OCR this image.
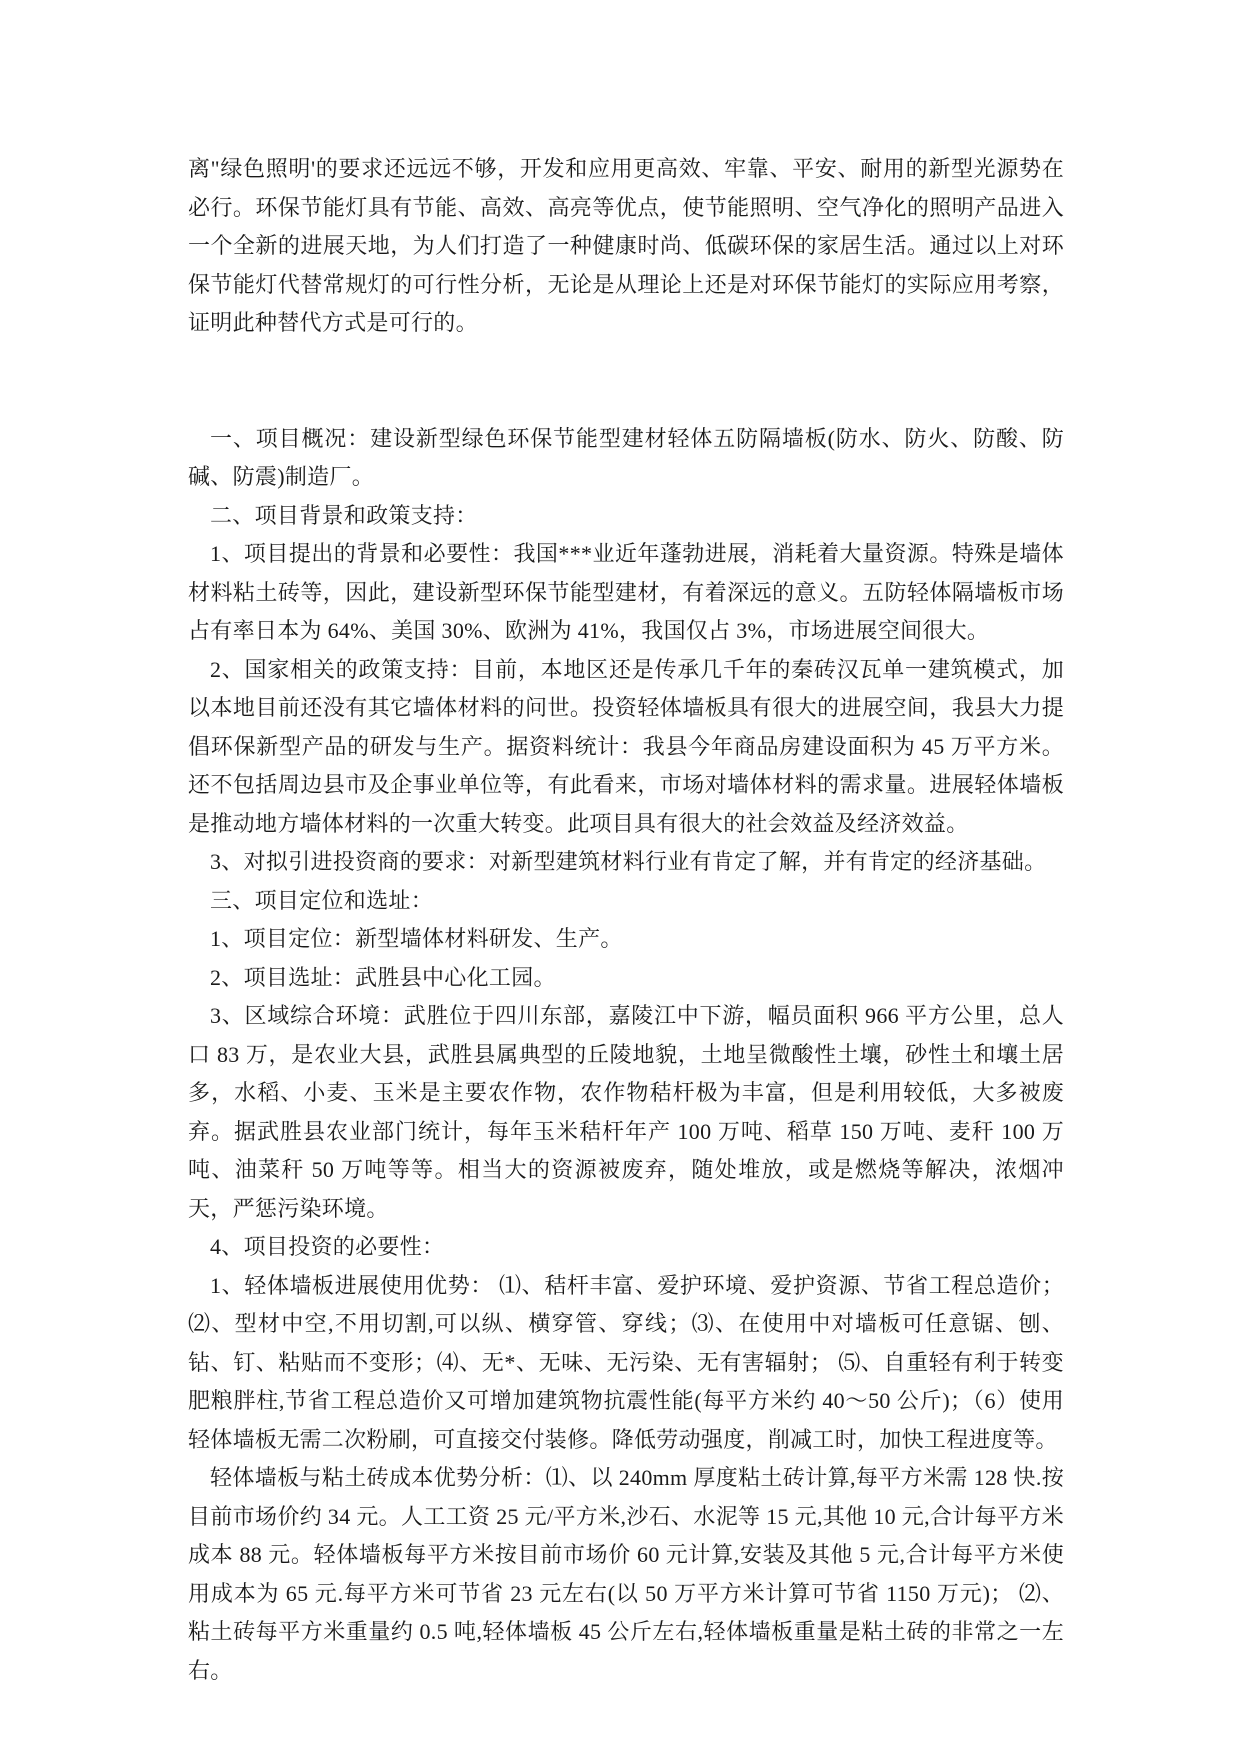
离"绿色照明'的要求还远远不够，开发和应用更高效、牢靠、平安、耐用的新型光源势在必行。环保节能灯具有节能、高效、高亮等优点，使节能照明、空气净化的照明产品进入一个全新的进展天地，为人们打造了一种健康时尚、低碳环保的家居生活。通过以上对环保节能灯代替常规灯的可行性分析，无论是从理论上还是对环保节能灯的实际应用考察，证明此种替代方式是可行的。

一、项目概况：建设新型绿色环保节能型建材轻体五防隔墙板(防水、防火、防酸、防碱、防震)制造厂。

二、项目背景和政策支持：

1、项目提出的背景和必要性：我国***业近年蓬勃进展，消耗着大量资源。特殊是墙体材料粘土砖等，因此，建设新型环保节能型建材，有着深远的意义。五防轻体隔墙板市场占有率日本为 64%、美国 30%、欧洲为 41%，我国仅占 3%，市场进展空间很大。

2、国家相关的政策支持：目前，本地区还是传承几千年的秦砖汉瓦单一建筑模式，加以本地目前还没有其它墙体材料的问世。投资轻体墙板具有很大的进展空间，我县大力提倡环保新型产品的研发与生产。据资料统计：我县今年商品房建设面积为 45 万平方米。还不包括周边县市及企事业单位等，有此看来，市场对墙体材料的需求量。进展轻体墙板是推动地方墙体材料的一次重大转变。此项目具有很大的社会效益及经济效益。

3、对拟引进投资商的要求：对新型建筑材料行业有肯定了解，并有肯定的经济基础。

三、项目定位和选址：

1、项目定位：新型墙体材料研发、生产。

2、项目选址：武胜县中心化工园。

3、区域综合环境：武胜位于四川东部，嘉陵江中下游，幅员面积 966 平方公里，总人口 83 万，是农业大县，武胜县属典型的丘陵地貌，土地呈微酸性土壤，砂性土和壤土居多，水稻、小麦、玉米是主要农作物，农作物秸杆极为丰富，但是利用较低，大多被废弃。据武胜县农业部门统计，每年玉米秸杆年产 100 万吨、稻草 150 万吨、麦秆 100 万吨、油菜秆 50 万吨等等。相当大的资源被废弃，随处堆放，或是燃烧等解决，浓烟冲天，严惩污染环境。

4、项目投资的必要性：

1、轻体墙板进展使用优势： ⑴、秸杆丰富、爱护环境、爱护资源、节省工程总造价；⑵、型材中空,不用切割,可以纵、横穿管、穿线；⑶、在使用中对墙板可任意锯、刨、钻、钉、粘贴而不变形；⑷、无*、无味、无污染、无有害辐射； ⑸、自重轻有利于转变肥粮胖柱,节省工程总造价又可增加建筑物抗震性能(每平方米约 40～50 公斤)；（6）使用轻体墙板无需二次粉刷，可直接交付装修。降低劳动强度，削减工时，加快工程进度等。

轻体墙板与粘土砖成本优势分析：⑴、以 240mm 厚度粘土砖计算,每平方米需 128 快.按目前市场价约 34 元。人工工资 25 元/平方米,沙石、水泥等 15 元,其他 10 元,合计每平方米成本 88 元。轻体墙板每平方米按目前市场价 60 元计算,安装及其他 5 元,合计每平方米使用成本为 65 元.每平方米可节省 23 元左右(以 50 万平方米计算可节省 1150 万元)； ⑵、粘土砖每平方米重量约 0.5 吨,轻体墙板 45 公斤左右,轻体墙板重量是粘土砖的非常之一左右。
